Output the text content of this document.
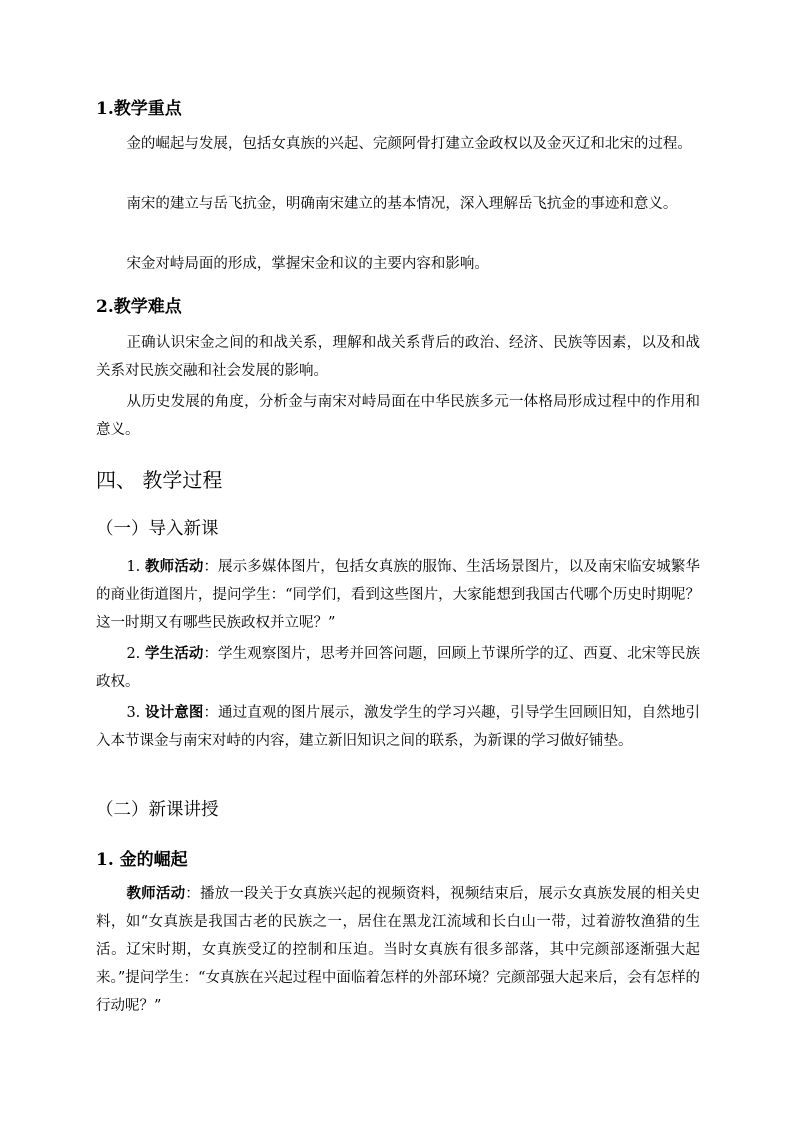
1.教学重点

金的崛起与发展，包括女真族的兴起、完颜阿骨打建立金政权以及金灭辽和北宋的过程。

南宋的建立与岳飞抗金，明确南宋建立的基本情况，深入理解岳飞抗金的事迹和意义。

宋金对峙局面的形成，掌握宋金和议的主要内容和影响。

2.教学难点

正确认识宋金之间的和战关系，理解和战关系背后的政治、经济、民族等因素，以及和战关系对民族交融和社会发展的影响。

从历史发展的角度，分析金与南宋对峙局面在中华民族多元一体格局形成过程中的作用和意义。

四、 教学过程
（一）导入新课

1. 教师活动：展示多媒体图片，包括女真族的服饰、生活场景图片，以及南宋临安城繁华的商业街道图片，提问学生：“同学们，看到这些图片，大家能想到我国古代哪个历史时期呢？这一时期又有哪些民族政权并立呢？”

2. 学生活动：学生观察图片，思考并回答问题，回顾上节课所学的辽、西夏、北宋等民族政权。

3. 设计意图：通过直观的图片展示，激发学生的学习兴趣，引导学生回顾旧知，自然地引入本节课金与南宋对峙的内容，建立新旧知识之间的联系，为新课的学习做好铺垫。

（二）新课讲授
1. 金的崛起

教师活动：播放一段关于女真族兴起的视频资料，视频结束后，展示女真族发展的相关史料，如“女真族是我国古老的民族之一，居住在黑龙江流域和长白山一带，过着游牧渔猎的生活。辽宋时期，女真族受辽的控制和压迫。当时女真族有很多部落，其中完颜部逐渐强大起来。”提问学生：“女真族在兴起过程中面临着怎样的外部环境？完颜部强大起来后，会有怎样的行动呢？”
